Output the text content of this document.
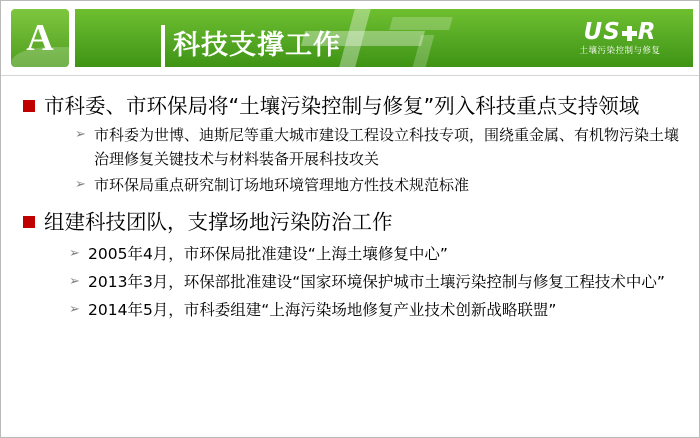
科技支撑工作	US R
土壤污染控制与修复
A
市科委、市环保局将“土壤污染控制与修复”列入科技重点支持领域
➢ 市科委为世博、迪斯尼等重大城市建设工程设立科技专项，围绕重金属、有机物污染土壤治理修复关键技术与材料装备开展科技攻关
➢ 市环保局重点研究制订场地环境管理地方性技术规范标准
组建科技团队，支撑场地污染防治工作
➢ 2005年4月，市环保局批准建设“上海土壤修复中心”
➢ 2013年3月，环保部批准建设“国家环境保护城市土壤污染控制与修复工程技术中心”
➢ 2014年5月，市科委组建“上海污染场地修复产业技术创新战略联盟”
